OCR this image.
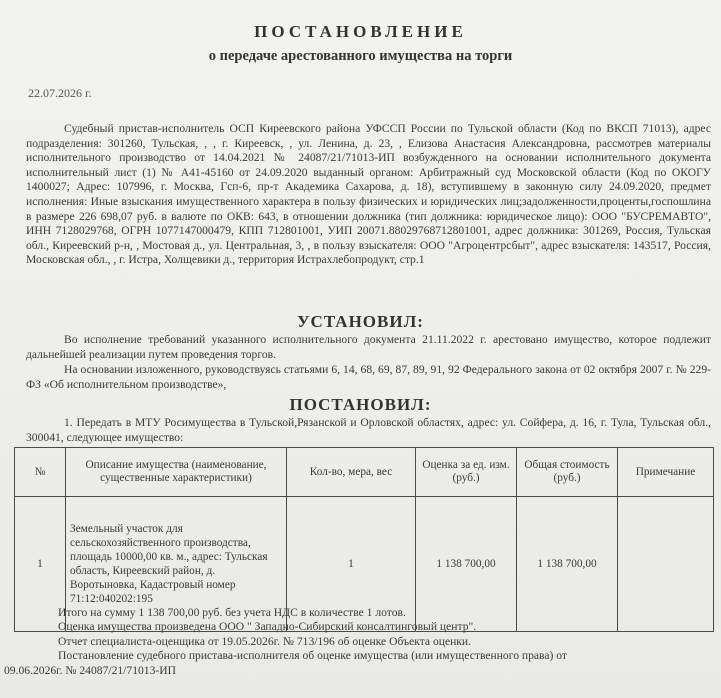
ПОСТАНОВЛЕНИЕ
о передаче арестованного имущества на торги
22.07.2026 г.
Судебный пристав-исполнитель ОСП Киреевского района УФССП России по Тульской области (Код по ВКСП 71013), адрес подразделения: 301260, Тульская, , , г. Киреевск, , ул. Ленина, д. 23, , Елизова Анастасия Александровна, рассмотрев материалы исполнительного производство от 14.04.2021 № 24087/21/71013-ИП возбужденного на основании исполнительного документа исполнительный лист (1) № А41-45160 от 24.09.2020 выданный органом: Арбитражный суд Московской области (Код по ОКОГУ 1400027; Адрес: 107996, г. Москва, Гсп-6, пр-т Академика Сахарова, д. 18), вступившему в законную силу 24.09.2020, предмет исполнения: Иные взыскания имущественного характера в пользу физических и юридических лиц;задолженности,проценты,госпошлина в размере 226 698,07 руб. в валюте по ОКВ: 643, в отношении должника (тип должника: юридическое лицо): ООО "БУСРЕМАВТО", ИНН 7128029768, ОГРН 1077147000479, КПП 712801001, УИП 20071.88029768712801001, адрес должника: 301269, Россия, Тульская обл., Киреевский р-н, , Мостовая д., ул. Центральная, 3, , в пользу взыскателя: ООО "Агроцентрсбыт", адрес взыскателя: 143517, Россия, Московская обл., , г. Истра, Холщевики д., территория Истрахлебопродукт, стр.1
УСТАНОВИЛ:
Во исполнение требований указанного исполнительного документа 21.11.2022 г. арестовано имущество, которое подлежит дальнейшей реализации путем проведения торгов.
На основании изложенного, руководствуясь статьями 6, 14, 68, 69, 87, 89, 91, 92 Федерального закона от 02 октября 2007 г. № 229-ФЗ «Об исполнительном производстве»,
ПОСТАНОВИЛ:
1. Передать в МТУ Росимущества в Тульской,Рязанской и Орловской областях, адрес: ул. Сойфера, д. 16, г. Тула, Тульская обл., 300041, следующее имущество:
№	Описание имущества (наименование, существенные характеристики)	Кол-во, мера, вес	Оценка за ед. изм. (руб.)	Общая стоимость (руб.)	Примечание
1	Земельный участок для сельскохозяйственного производства, площадь 10000,00 кв. м., адрес: Тульская область, Киреевский район, д. Воротыновка, Кадастровый номер 71:12:040202:195	1	1 138 700,00	1 138 700,00	
Итого на сумму 1 138 700,00 руб. без учета НДС в количестве 1 лотов.
Оценка имущества произведена ООО " Западно-Сибирский консалтинговый центр".
Отчет специалиста-оценщика от 19.05.2026г. № 713/196 об оценке Объекта оценки.
Постановление судебного пристава-исполнителя об оценке имущества (или имущественного права) от
09.06.2026г. № 24087/21/71013-ИП
